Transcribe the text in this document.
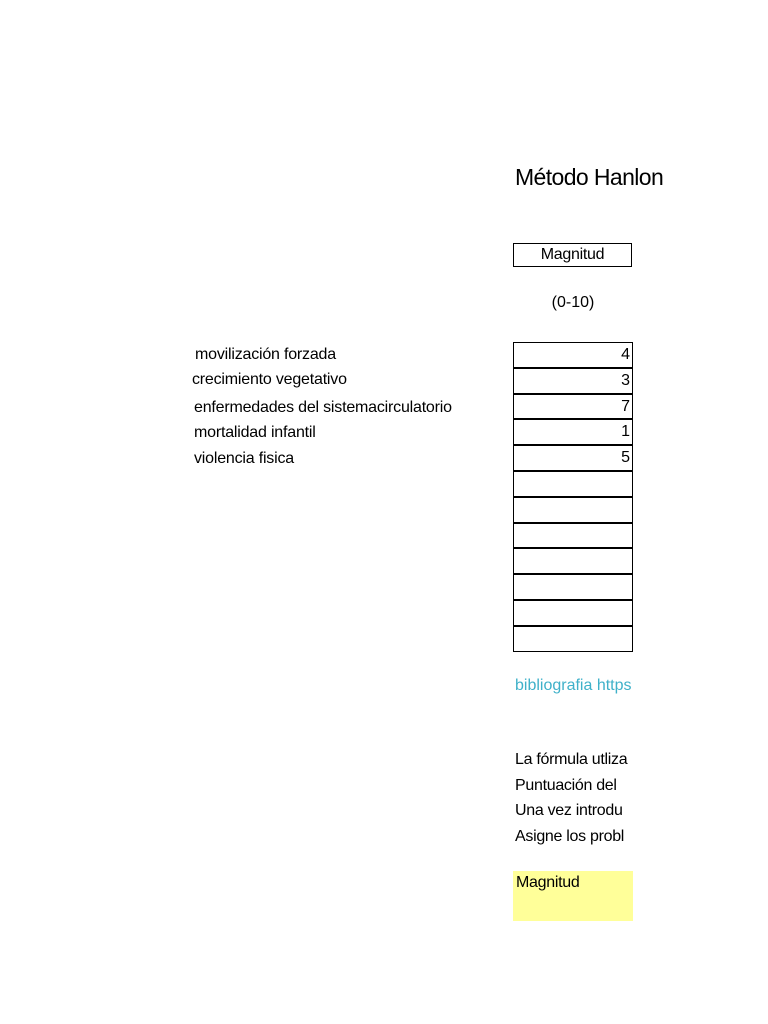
Método Hanlon
Magnitud
(0-10)
movilización forzada
crecimiento vegetativo
enfermedades del sistemacirculatorio
mortalidad infantil
violencia fisica
4
3
7
1
5
bibliografia https
La fórmula utliza
Puntuación del
Una vez introdu
Asigne los probl
Magnitud
